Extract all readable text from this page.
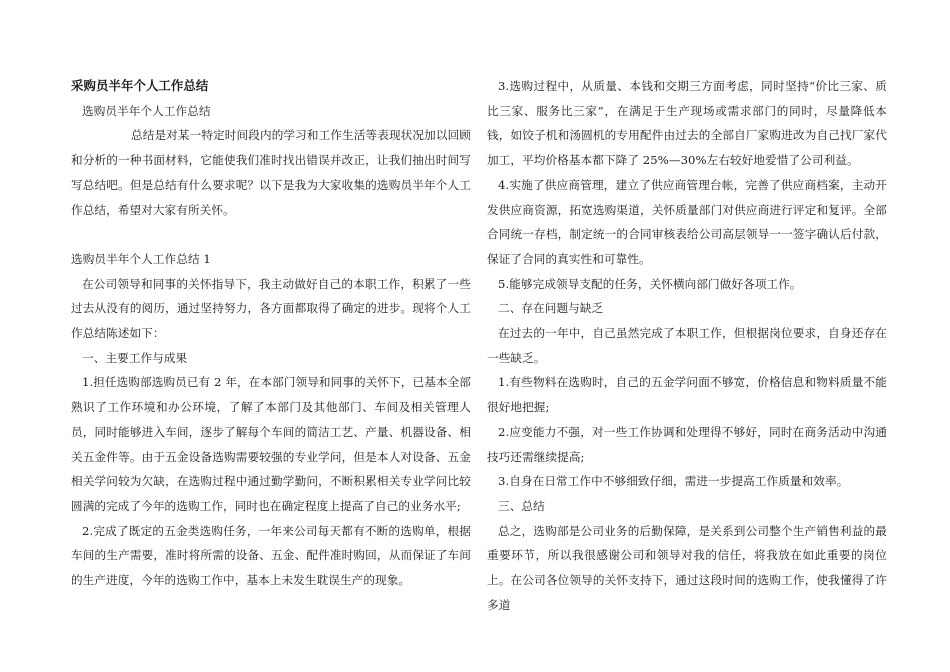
采购员半年个人工作总结

选购员半年个人工作总结

总结是对某一特定时间段内的学习和工作生活等表现状况加以回顾和分析的一种书面材料，它能使我们准时找出错误并改正，让我们抽出时间写写总结吧。但是总结有什么要求呢？以下是我为大家收集的选购员半年个人工作总结，希望对大家有所关怀。

选购员半年个人工作总结 1

在公司领导和同事的关怀指导下，我主动做好自己的本职工作，积累了一些过去从没有的阅历，通过坚持努力，各方面都取得了确定的进步。现将个人工作总结陈述如下：

一、主要工作与成果

1.担任选购部选购员已有 2 年，在本部门领导和同事的关怀下，已基本全部熟识了工作环境和办公环境，了解了本部门及其他部门、车间及相关管理人员，同时能够进入车间，逐步了解每个车间的简洁工艺、产量、机器设备、相关五金件等。由于五金设备选购需要较强的专业学问，但是本人对设备、五金相关学问较为欠缺，在选购过程中通过勤学勤问，不断积累相关专业学问比较圆满的完成了今年的选购工作，同时也在确定程度上提高了自己的业务水平;

2.完成了既定的五金类选购任务，一年来公司每天都有不断的选购单，根据车间的生产需要，准时将所需的设备、五金、配件准时购回，从而保证了车间的生产进度，今年的选购工作中，基本上未发生耽误生产的现象。

3.选购过程中，从质量、本钱和交期三方面考虑，同时坚持“价比三家、质比三家、服务比三家”，在满足于生产现场或需求部门的同时，尽量降低本钱，如饺子机和汤圆机的专用配件由过去的全部自厂家购进改为自己找厂家代加工，平均价格基本都下降了 25%—30%左右较好地爱惜了公司利益。

4.实施了供应商管理，建立了供应商管理台帐，完善了供应商档案，主动开发供应商资源，拓宽选购渠道，关怀质量部门对供应商进行评定和复评。全部合同统一存档，制定统一的合同审核表给公司高层领导一一签字确认后付款，保证了合同的真实性和可靠性。

5.能够完成领导支配的任务，关怀横向部门做好各项工作。

二、存在问题与缺乏

在过去的一年中，自己虽然完成了本职工作，但根据岗位要求，自身还存在一些缺乏。

1.有些物料在选购时，自己的五金学问面不够宽，价格信息和物料质量不能很好地把握;

2.应变能力不强，对一些工作协调和处理得不够好，同时在商务活动中沟通技巧还需继续提高;

3.自身在日常工作中不够细致仔细，需进一步提高工作质量和效率。

三、总结

总之，选购部是公司业务的后勤保障，是关系到公司整个生产销售利益的最重要环节，所以我很感谢公司和领导对我的信任，将我放在如此重要的岗位上。在公司各位领导的关怀支持下，通过这段时间的选购工作，使我懂得了许多道
